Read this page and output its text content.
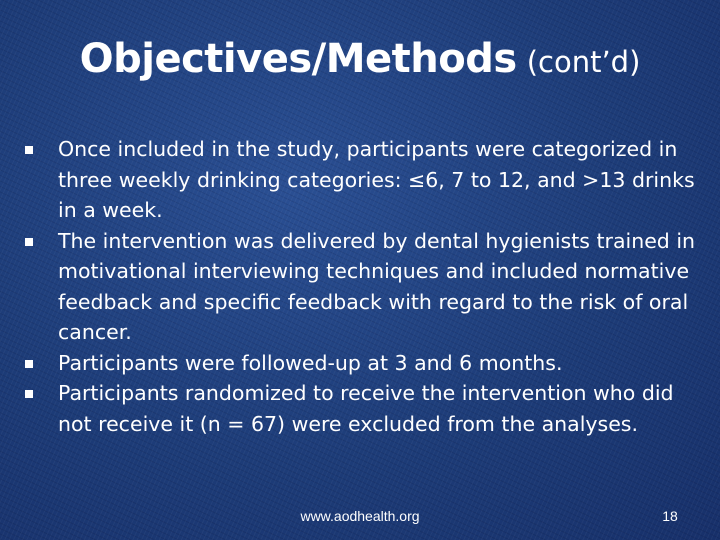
Objectives/Methods (cont’d)
Once included in the study, participants were categorized in three weekly drinking categories: ≤6, 7 to 12, and >13 drinks in a week.
The intervention was delivered by dental hygienists trained in motivational interviewing techniques and included normative feedback and specific feedback with regard to the risk of oral cancer.
Participants were followed-up at 3 and 6 months.
Participants randomized to receive the intervention who did not receive it (n = 67) were excluded from the analyses.
www.aodhealth.org	18
